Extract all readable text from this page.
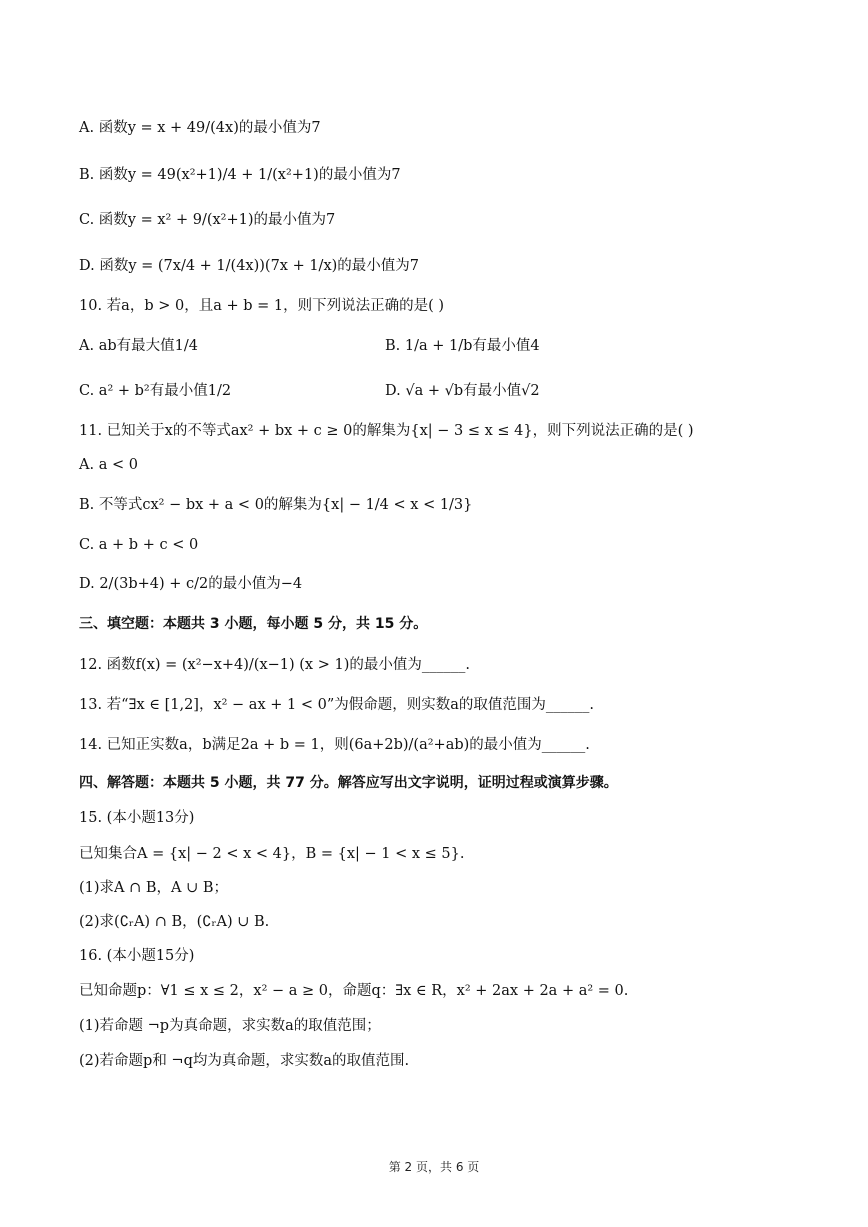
A. 函数y = x + 49/(4x)的最小值为7
B. 函数y = 49(x²+1)/4 + 1/(x²+1)的最小值为7
C. 函数y = x² + 9/(x²+1)的最小值为7
D. 函数y = (7x/4 + 1/(4x))(7x + 1/x)的最小值为7
10. 若a，b > 0，且a + b = 1，则下列说法正确的是( )
A. ab有最大值1/4	B. 1/a + 1/b有最小值4
C. a² + b²有最小值1/2	D. √a + √b有最小值√2
11. 已知关于x的不等式ax² + bx + c ≥ 0的解集为{x| − 3 ≤ x ≤ 4}，则下列说法正确的是( )
A. a < 0
B. 不等式cx² − bx + a < 0的解集为{x| − 1/4 < x < 1/3}
C. a + b + c < 0
D. 2/(3b+4) + c/2的最小值为−4
三、填空题：本题共 3 小题，每小题 5 分，共 15 分。
12. 函数f(x) = (x²−x+4)/(x−1) (x > 1)的最小值为______.
13. 若“∃x ∈ [1,2]，x² − ax + 1 < 0”为假命题，则实数a的取值范围为______.
14. 已知正实数a，b满足2a + b = 1，则(6a+2b)/(a²+ab)的最小值为______.
四、解答题：本题共 5 小题，共 77 分。解答应写出文字说明，证明过程或演算步骤。
15. (本小题13分)
已知集合A = {x| − 2 < x < 4}，B = {x| − 1 < x ≤ 5}.
(1)求A ∩ B，A ∪ B；
(2)求(∁ᵣA) ∩ B，(∁ᵣA) ∪ B.
16. (本小题15分)
已知命题p：∀1 ≤ x ≤ 2，x² − a ≥ 0，命题q：∃x ∈ R，x² + 2ax + 2a + a² = 0.
(1)若命题 ¬p为真命题，求实数a的取值范围；
(2)若命题p和 ¬q均为真命题，求实数a的取值范围.
第 2 页，共 6 页
